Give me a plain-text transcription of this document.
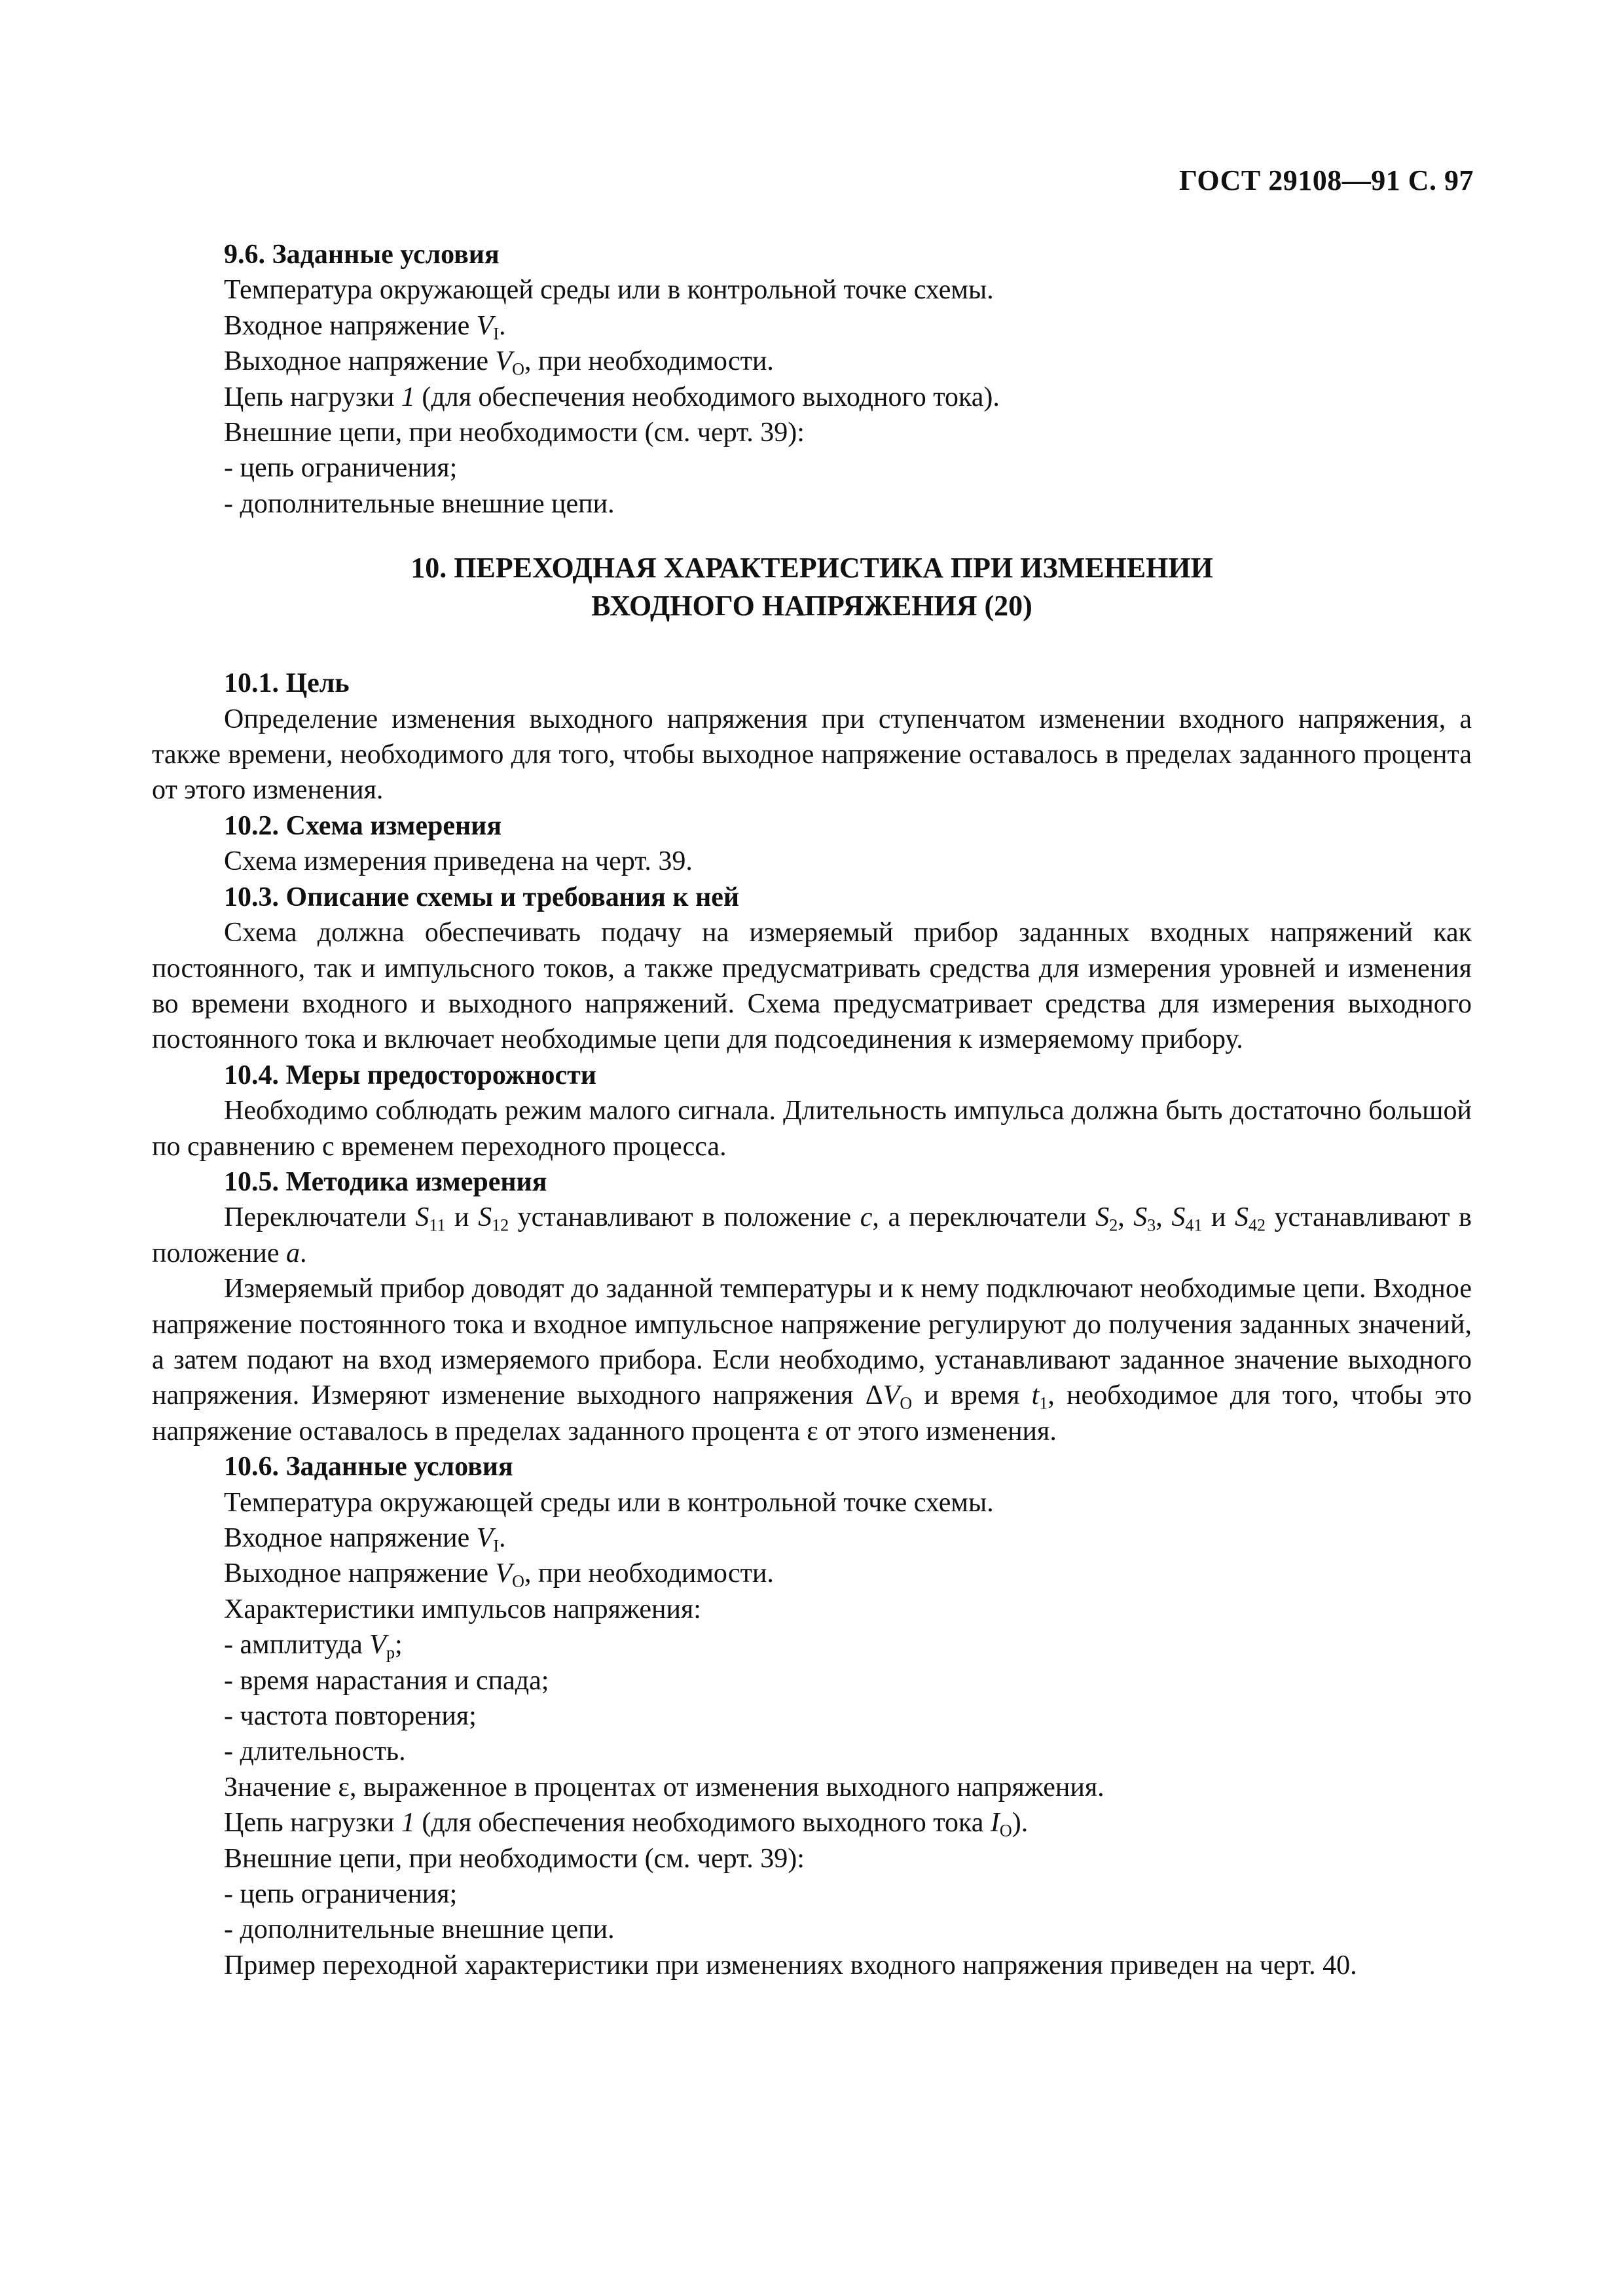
ГОСТ 29108—91 С. 97

9.6. Заданные условия

Температура окружающей среды или в контрольной точке схемы.

Входное напряжение $V_I$.

Выходное напряжение $V_O$, при необходимости.

Цепь нагрузки 1 (для обеспечения необходимого выходного тока).

Внешние цепи, при необходимости (см. черт. 39):

- цепь ограничения;

- дополнительные внешние цепи.

10. ПЕРЕХОДНАЯ ХАРАКТЕРИСТИКА ПРИ ИЗМЕНЕНИИ

ВХОДНОГО НАПРЯЖЕНИЯ (20)

10.1. Цель

Определение изменения выходного напряжения при ступенчатом изменении входного напряжения, а также времени, необходимого для того, чтобы выходное напряжение оставалось в пределах заданного процента от этого изменения.

10.2. Схема измерения

Схема измерения приведена на черт. 39.

10.3. Описание схемы и требования к ней

Схема должна обеспечивать подачу на измеряемый прибор заданных входных напряжений как постоянного, так и импульсного токов, а также предусматривать средства для измерения уровней и изменения во времени входного и выходного напряжений. Схема предусматривает средства для измерения выходного постоянного тока и включает необходимые цепи для подсоединения к измеряемому прибору.

10.4. Меры предосторожности

Необходимо соблюдать режим малого сигнала. Длительность импульса должна быть достаточно большой по сравнению с временем переходного процесса.

10.5. Методика измерения

Переключатели $S_{11}$ и $S_{12}$ устанавливают в положение c, а переключатели $S_2$, $S_3$, $S_{41}$ и $S_{42}$ устанавливают в положение a.

Измеряемый прибор доводят до заданной температуры и к нему подключают необходимые цепи. Входное напряжение постоянного тока и входное импульсное напряжение регулируют до получения заданных значений, а затем подают на вход измеряемого прибора. Если необходимо, устанавливают заданное значение выходного напряжения. Измеряют изменение выходного напряжения $\Delta V_O$ и время $t_1$, необходимое для того, чтобы это напряжение оставалось в пределах заданного процента ε от этого изменения.

10.6. Заданные условия

Температура окружающей среды или в контрольной точке схемы.

Входное напряжение $V_I$.

Выходное напряжение $V_O$, при необходимости.

Характеристики импульсов напряжения:

- амплитуда $V_p$;

- время нарастания и спада;

- частота повторения;

- длительность.

Значение ε, выраженное в процентах от изменения выходного напряжения.

Цепь нагрузки 1 (для обеспечения необходимого выходного тока $I_O$).

Внешние цепи, при необходимости (см. черт. 39):

- цепь ограничения;

- дополнительные внешние цепи.

Пример переходной характеристики при изменениях входного напряжения приведен на черт. 40.
